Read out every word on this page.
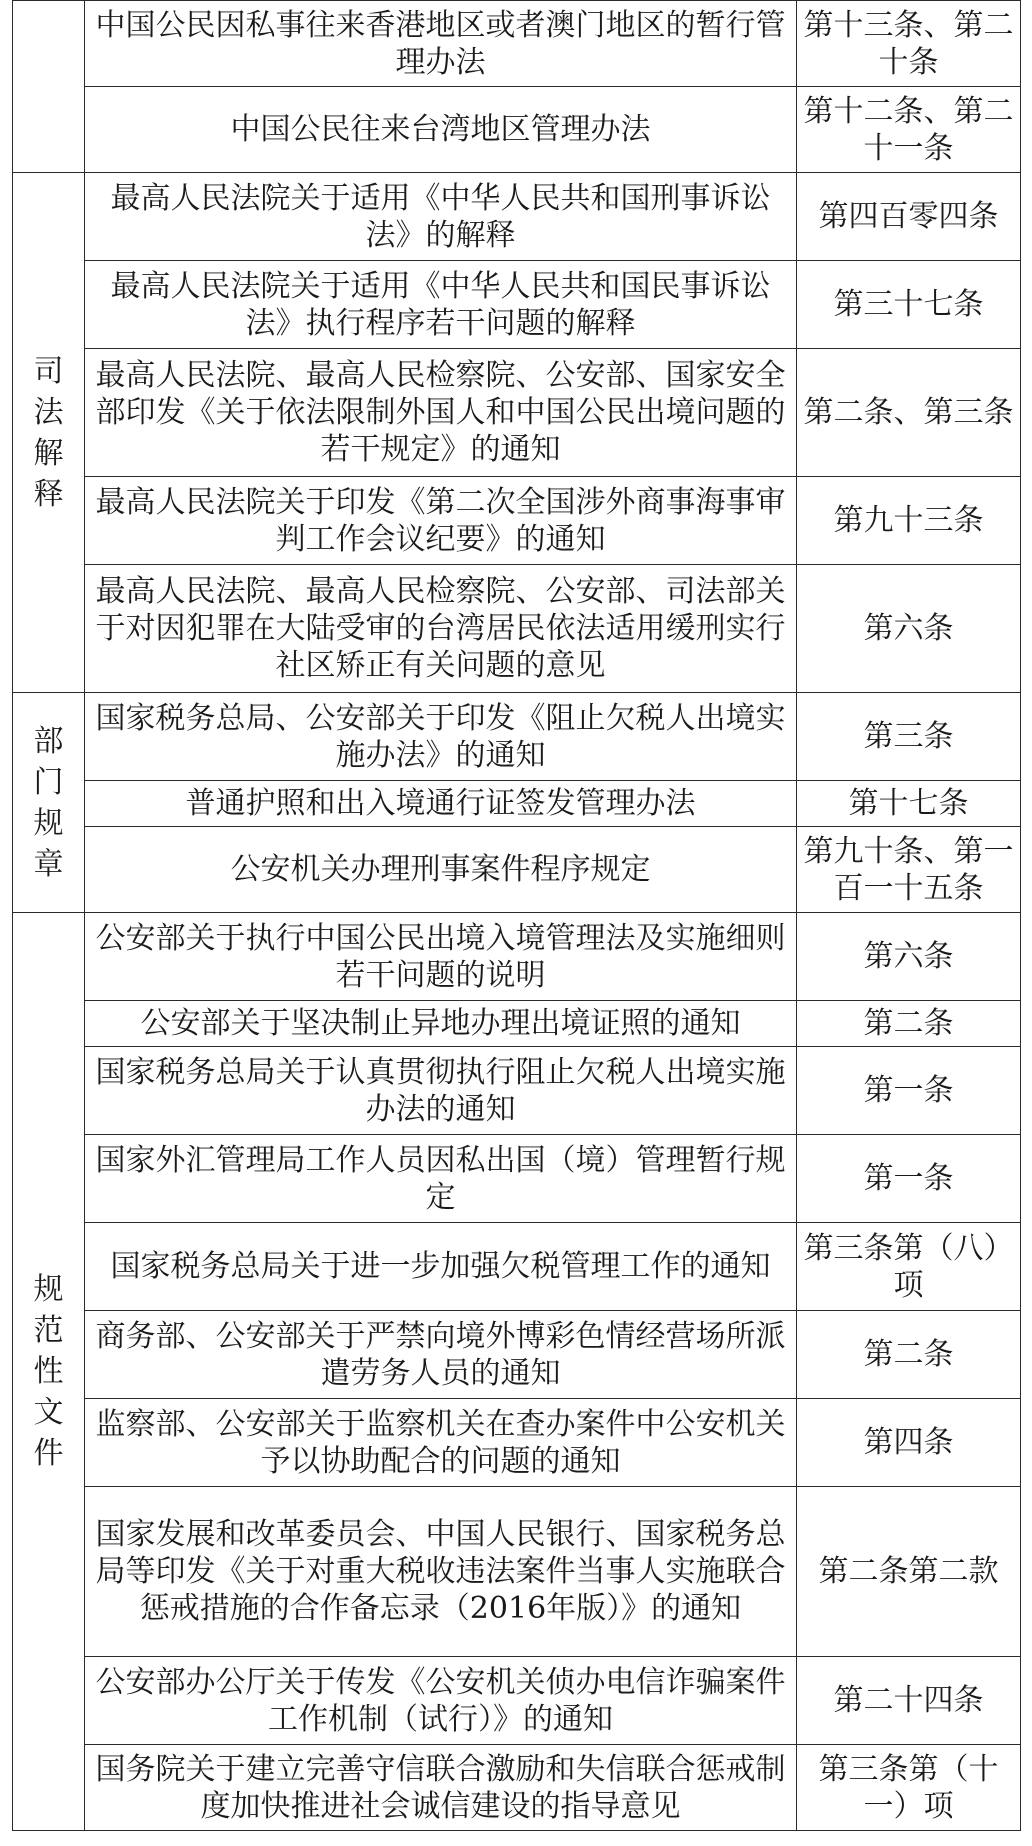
	中国公民因私事往来香港地区或者澳门地区的暂行管理办法	第十三条、第二十条
	中国公民往来台湾地区管理办法	第十二条、第二十一条

司法解释	最高人民法院关于适用《中华人民共和国刑事诉讼法》的解释	第四百零四条
	最高人民法院关于适用《中华人民共和国民事诉讼法》执行程序若干问题的解释	第三十七条
	最高人民法院、最高人民检察院、公安部、国家安全部印发《关于依法限制外国人和中国公民出境问题的若干规定》的通知	第二条、第三条
	最高人民法院关于印发《第二次全国涉外商事海事审判工作会议纪要》的通知	第九十三条
	最高人民法院、最高人民检察院、公安部、司法部关于对因犯罪在大陆受审的台湾居民依法适用缓刑实行社区矫正有关问题的意见	第六条

部门规章	国家税务总局、公安部关于印发《阻止欠税人出境实施办法》的通知	第三条
	普通护照和出入境通行证签发管理办法	第十七条
	公安机关办理刑事案件程序规定	第九十条、第一百一十五条

规范性文件	公安部关于执行中国公民出境入境管理法及实施细则若干问题的说明	第六条
	公安部关于坚决制止异地办理出境证照的通知	第二条
	国家税务总局关于认真贯彻执行阻止欠税人出境实施办法的通知	第一条
	国家外汇管理局工作人员因私出国（境）管理暂行规定	第一条
	国家税务总局关于进一步加强欠税管理工作的通知	第三条第（八）项
	商务部、公安部关于严禁向境外博彩色情经营场所派遣劳务人员的通知	第二条
	监察部、公安部关于监察机关在查办案件中公安机关予以协助配合的问题的通知	第四条
	国家发展和改革委员会、中国人民银行、国家税务总局等印发《关于对重大税收违法案件当事人实施联合惩戒措施的合作备忘录（2016年版）》的通知	第二条第二款
	公安部办公厅关于传发《公安机关侦办电信诈骗案件工作机制（试行）》的通知	第二十四条
	国务院关于建立完善守信联合激励和失信联合惩戒制度加快推进社会诚信建设的指导意见	第三条第（十一）项
